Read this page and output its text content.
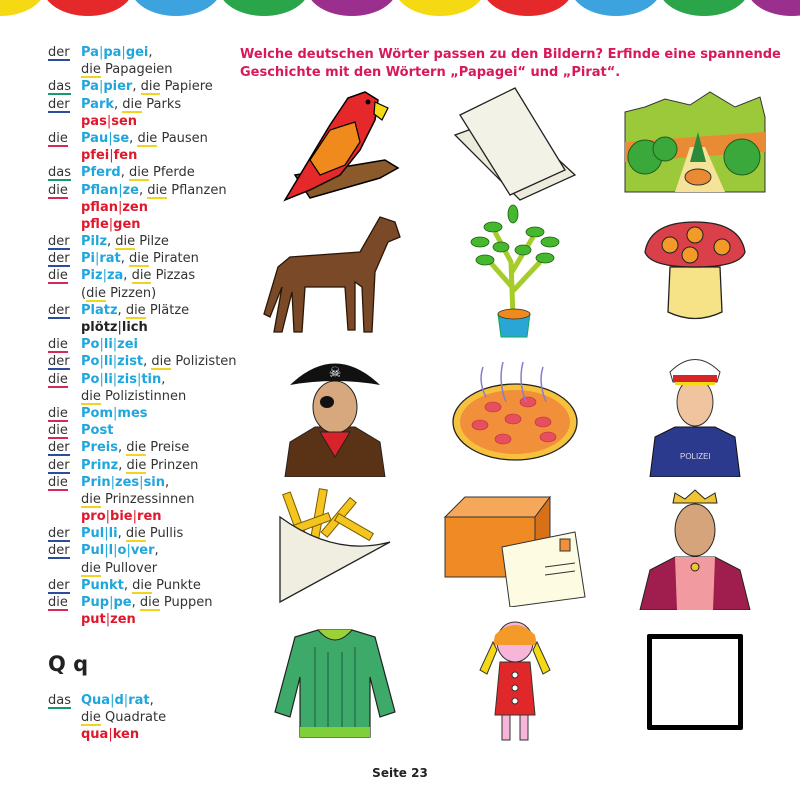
der Pa|pa|gei,
die Papageien
das Pa|pier, die Papiere
der Park, die Parks
pas|sen
die	Pau|se, die Pausen
pfei|fen
das Pferd, die Pferde
die	Pflan|ze, die Pflanzen
pflan|zen
pfle|gen
der Pilz, die Pilze
der Pi|rat, die Piraten
die	Piz|za, die Pizzas
(die Pizzen)
der Platz, die Plätze
plötz|lich
die	Po|li|zei
der Po|li|zist, die Polizisten
die	Po|li|zis|tin,
die Polizistinnen
die	Pom|mes
die	Post
der Preis, die Preise
der Prinz, die Prinzen
die	Prin|zes|sin,
die Prinzessinnen
pro|bie|ren
der Pul|li, die Pullis
der Pul|l|o|ver,
die Pullover
der Punkt, die Punkte
die	Pup|pe, die Puppen
put|zen
Q q
das Qua|d|rat,
die Quadrate
qua|ken
Welche deutschen Wörter passen zu den Bildern? Erfinde eine spannende Geschichte mit den Wörtern „Papagei“ und „Pirat“.
☠
POLIZEI
Seite 23
